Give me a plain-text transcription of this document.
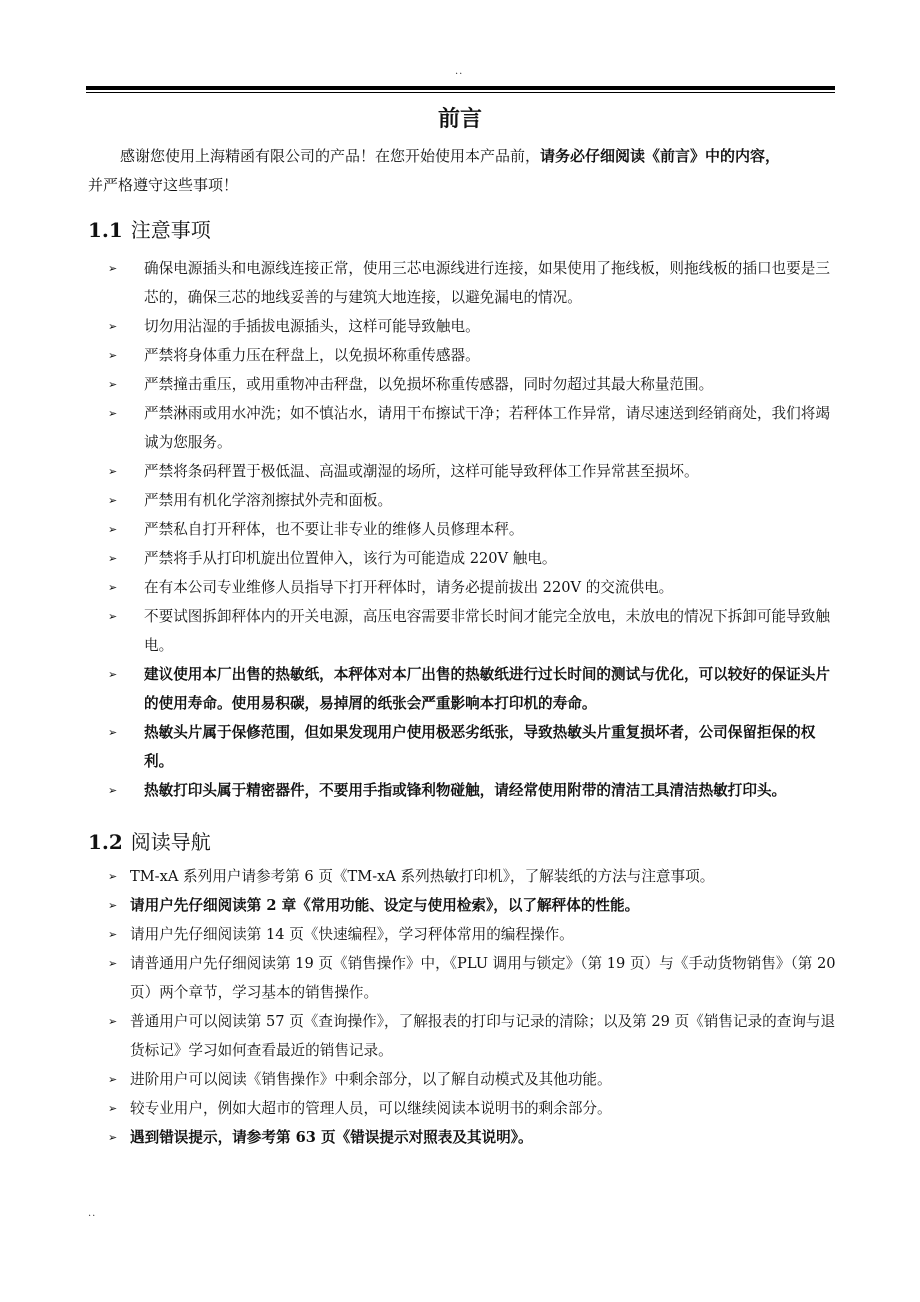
..
前言
感谢您使用上海精函有限公司的产品！在您开始使用本产品前，请务必仔细阅读《前言》中的内容，
并严格遵守这些事项！
1.1 注意事项
➢	确保电源插头和电源线连接正常，使用三芯电源线进行连接，如果使用了拖线板，则拖线板的插口也要是三芯的，确保三芯的地线妥善的与建筑大地连接，以避免漏电的情况。
➢	切勿用沾湿的手插拔电源插头，这样可能导致触电。
➢	严禁将身体重力压在秤盘上，以免损坏称重传感器。
➢	严禁撞击重压，或用重物冲击秤盘，以免损坏称重传感器，同时勿超过其最大称量范围。
➢	严禁淋雨或用水冲洗；如不慎沾水，请用干布擦试干净；若秤体工作异常，请尽速送到经销商处，我们将竭诚为您服务。
➢	严禁将条码秤置于极低温、高温或潮湿的场所，这样可能导致秤体工作异常甚至损坏。
➢	严禁用有机化学溶剂擦拭外壳和面板。
➢	严禁私自打开秤体，也不要让非专业的维修人员修理本秤。
➢	严禁将手从打印机旋出位置伸入，该行为可能造成 220V 触电。
➢	在有本公司专业维修人员指导下打开秤体时，请务必提前拔出 220V 的交流供电。
➢	不要试图拆卸秤体内的开关电源，高压电容需要非常长时间才能完全放电，未放电的情况下拆卸可能导致触电。
➢	建议使用本厂出售的热敏纸，本秤体对本厂出售的热敏纸进行过长时间的测试与优化，可以较好的保证头片的使用寿命。使用易积碳，易掉屑的纸张会严重影响本打印机的寿命。
➢	热敏头片属于保修范围，但如果发现用户使用极恶劣纸张，导致热敏头片重复损坏者，公司保留拒保的权利。
➢	热敏打印头属于精密器件，不要用手指或锋利物碰触，请经常使用附带的清洁工具清洁热敏打印头。
1.2 阅读导航
➢ TM-xA 系列用户请参考第 6 页《TM-xA 系列热敏打印机》，了解装纸的方法与注意事项。
➢ 请用户先仔细阅读第 2 章《常用功能、设定与使用检索》，以了解秤体的性能。
➢ 请用户先仔细阅读第 14 页《快速编程》，学习秤体常用的编程操作。
➢ 请普通用户先仔细阅读第 19 页《销售操作》中，《PLU 调用与锁定》（第 19 页）与《手动货物销售》（第 20 页）两个章节，学习基本的销售操作。
➢ 普通用户可以阅读第 57 页《查询操作》，了解报表的打印与记录的清除；以及第 29 页《销售记录的查询与退货标记》学习如何查看最近的销售记录。
➢ 进阶用户可以阅读《销售操作》中剩余部分，以了解自动模式及其他功能。
➢ 较专业用户，例如大超市的管理人员，可以继续阅读本说明书的剩余部分。
➢ 遇到错误提示，请参考第 63 页《错误提示对照表及其说明》。
..
